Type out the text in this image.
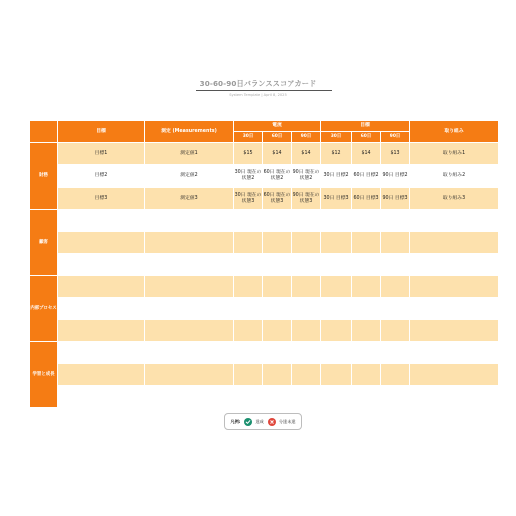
30-60-90日バランススコアカード
System Template | April 8, 2025
	目標	測定 (Measurements)	電流			目標			取り組み
			30日	60日	90日	30日	60日	90日	
財務	目標1	測定値1	$15	$14	$14	$12	$14	$13	取り組み1
	目標2	測定値2	30日 現在の状態2	60日 現在の状態2	90日 現在の状態2	30日 目標2	60日 目標2	90日 目標2	取り組み2
	目標3	測定値3	30日 現在の状態3	60日 現在の状態3	90日 現在の状態3	30日 目標3	60日 目標3	90日 目標3	取り組み3
顧客									

内部プロセス									

学習と成長									

凡例:	達成	分達未達
